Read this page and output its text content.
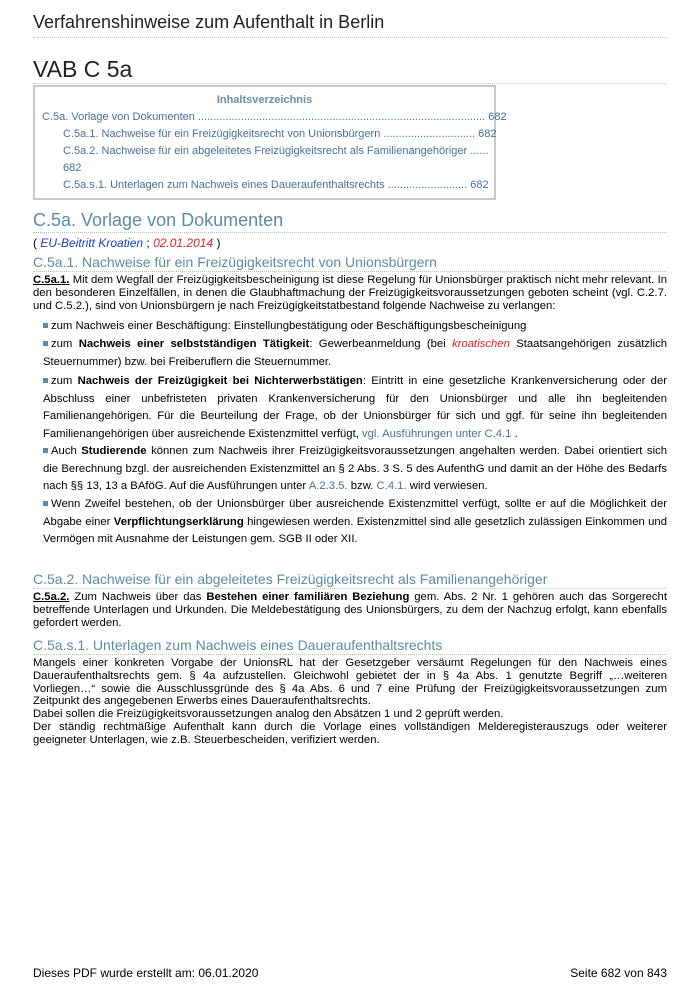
Verfahrenshinweise zum Aufenthalt in Berlin
VAB C 5a
Inhaltsverzeichnis
C.5a. Vorlage von Dokumenten .............................................................................................. 682
C.5a.1. Nachweise für ein Freizügigkeitsrecht von Unionsbürgern .............................. 682
C.5a.2. Nachweise für ein abgeleitetes Freizügigkeitsrecht als Familienangehöriger ......
682
C.5a.s.1. Unterlagen zum Nachweis eines Daueraufenthaltsrechts .......................... 682
C.5a. Vorlage von Dokumenten
( EU-Beitritt Kroatien ; 02.01.2014 )
C.5a.1. Nachweise für ein Freizügigkeitsrecht von Unionsbürgern
C.5a.1. Mit dem Wegfall der Freizügigkeitsbescheinigung ist diese Regelung für Unionsbürger praktisch nicht mehr relevant. In den besonderen Einzelfällen, in denen die Glaubhaftmachung der Freizügigkeitsvoraussetzungen geboten scheint (vgl. C.2.7. und C.5.2.), sind von Unionsbürgern je nach Freizügigkeitstatbestand folgende Nachweise zu verlangen:
zum Nachweis einer Beschäftigung: Einstellungbestätigung oder Beschäftigungsbescheinigung
zum Nachweis einer selbstständigen Tätigkeit: Gewerbeanmeldung (bei kroatischen Staatsangehörigen zusätzlich Steuernummer) bzw. bei Freiberuflern die Steuernummer.
zum Nachweis der Freizügigkeit bei Nichterwerbstätigen: Eintritt in eine gesetzliche Krankenversicherung oder der Abschluss einer unbefristeten privaten Krankenversicherung für den Unionsbürger und alle ihn begleitenden Familienangehörigen. Für die Beurteilung der Frage, ob der Unionsbürger für sich und ggf. für seine ihn begleitenden Familienangehörigen über ausreichende Existenzmittel verfügt, vgl. Ausführungen unter C.4.1 .
Auch Studierende können zum Nachweis ihrer Freizügigkeitsvoraussetzungen angehalten werden. Dabei orientiert sich die Berechnung bzgl. der ausreichenden Existenzmittel an § 2 Abs. 3 S. 5 des AufenthG und damit an der Höhe des Bedarfs nach §§ 13, 13 a BAföG. Auf die Ausführungen unter A.2.3.5. bzw. C.4.1. wird verwiesen.
Wenn Zweifel bestehen, ob der Unionsbürger über ausreichende Existenzmittel verfügt, sollte er auf die Möglichkeit der Abgabe einer Verpflichtungserklärung hingewiesen werden. Existenzmittel sind alle gesetzlich zulässigen Einkommen und Vermögen mit Ausnahme der Leistungen gem. SGB II oder XII.
C.5a.2. Nachweise für ein abgeleitetes Freizügigkeitsrecht als Familienangehöriger
C.5a.2. Zum Nachweis über das Bestehen einer familiären Beziehung gem. Abs. 2 Nr. 1 gehören auch das Sorgerecht betreffende Unterlagen und Urkunden. Die Meldebestätigung des Unionsbürgers, zu dem der Nachzug erfolgt, kann ebenfalls gefordert werden.
C.5a.s.1. Unterlagen zum Nachweis eines Daueraufenthaltsrechts
Mangels einer konkreten Vorgabe der UnionsRL hat der Gesetzgeber versäumt Regelungen für den Nachweis eines Daueraufenthaltsrechts gem. § 4a aufzustellen. Gleichwohl gebietet der in § 4a Abs. 1 genutzte Begriff „…weiteren Vorliegen…“ sowie die Ausschlussgründe des § 4a Abs. 6 und 7 eine Prüfung der Freizügigkeitsvoraussetzungen zum Zeitpunkt des angegebenen Erwerbs eines Daueraufenthaltsrechts.
Dabei sollen die Freizügigkeitsvoraussetzungen analog den Absätzen 1 und 2 geprüft werden.
Der ständig rechtmäßige Aufenthalt kann durch die Vorlage eines vollständigen Melderegisterauszugs oder weiterer geeigneter Unterlagen, wie z.B. Steuerbescheiden, verifiziert werden.
Dieses PDF wurde erstellt am: 06.01.2020	Seite 682 von 843
